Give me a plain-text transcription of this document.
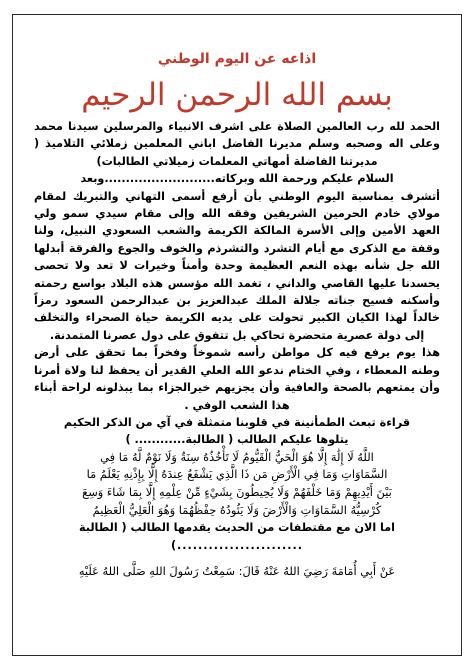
اذاعه عن اليوم الوطني
بسم الله الرحمن الرحيم

الحمد لله رب العالمين الصلاة على اشرف الانبياء والمرسلين سيدنا محمد وعلى اله وصحبه وسلم مديرنا الفاضل اباني المعلمين زملائي التلاميذ ( مديرتنا الفاضلة أمهاتي المعلمات زميلاتي الطالبات)

السلام عليكم ورحمة الله وبركاته..........................وبعد

أتشرف بمناسبة اليوم الوطني بأن أرفع أسمى التهاني والتبريك لمقام مولاي خادم الحرمين الشريفين وفقه الله وإلى مقام سيدي سمو ولي العهد الأمين وإلى الأسرة المالكة الكريمة والشعب السعودي النبيل، ولنا وقفة مع الذكرى مع أيام التشرد والتشرذم والخوف والجوع والفرقة أبدلها الله جل شأنه بهذه النعم العظيمة وحدة وأمناً وخيرات لا تعد ولا تحصى يحسدنا عليها القاصي والداني ، تغمد الله مؤسس هذه البلاد بواسع رحمته وأسكنه فسيح جناته جلالة الملك عبدالعزيز بن عبدالرحمن السعود رمزاً خالداً لهذا الكيان الكبير تحولت على يديه الكريمة حياة الصحراء والتخلف إلى دولة عصرية متحضرة تحاكي بل تتفوق على دول عصرنا المتمدنة.

هذا يوم يرفع فيه كل مواطن رأسه شموخاً وفخراً بما تحقق على أرض وطنه المعطاء ، وفي الختام ندعو الله العلي القدير أن يحفظ لنا ولاة أمرنا وأن يمتعهم بالصحة والعافية وأن يجزيهم خيرالجزاء بما يبذلونه لراحة أبناء هذا الشعب الوفي .

قراءة تبعث الطمأنينة في قلوبنا متمثلة في آي من الذكر الحكيم

يتلوها عليكم الطالب ( الطالبة............ )

اللَّهُ لَا إِلَٰهَ إِلَّا هُوَ الْحَيُّ الْقَيُّومُ لَا تَأْخُذُهُ سِنَةٌ وَلَا نَوْمٌ لَّهُ مَا فِي

السَّمَاوَاتِ وَمَا فِي الْأَرْضِ مَن ذَا الَّذِي يَشْفَعُ عِندَهُ إِلَّا بِإِذْنِهِ يَعْلَمُ مَا

بَيْنَ أَيْدِيهِمْ وَمَا خَلْفَهُمْ وَلَا يُحِيطُونَ بِشَيْءٍ مِّنْ عِلْمِهِ إِلَّا بِمَا شَاءَ وَسِعَ

كُرْسِيُّهُ السَّمَاوَاتِ وَالْأَرْضَ وَلَا يَئُودُهُ حِفْظُهُمَا وَهُوَ الْعَلِيُّ الْعَظِيمُ

اما الان مع مقتطفات من الحديث يقدمها الطالب ( الطالبة

........................)

عَنْ أَبِي أُمَامَةَ رَضِيَ اللهُ عَنْهُ قَالَ: سَمِعْتُ رَسُولَ اللهِ صَلَّى اللهُ عَلَيْهِ
